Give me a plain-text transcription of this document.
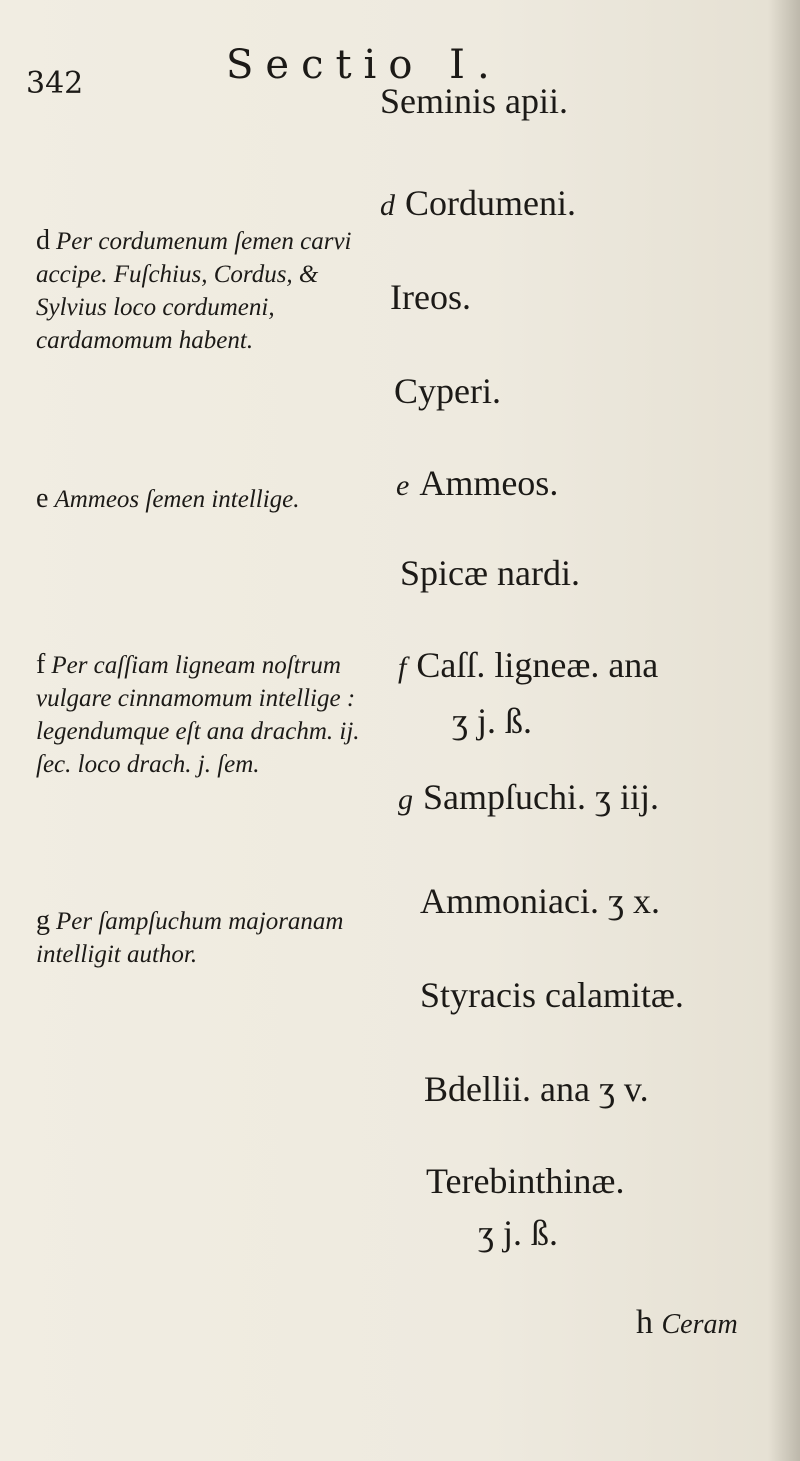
342	Sectio I.
Seminis apii.
d Cordumeni.
Ireos.
Cyperi.
e Ammeos.
Spicæ nardi.
f Caſſ. ligneæ. ana
ʒ j. ß.
g Sampſuchi. ʒ iij.
Ammoniaci. ʒ x.
Styracis calamitæ.
Bdellii. ana ʒ v.
Terebinthinæ.
ʒ j. ß.
h Ceram
d Per cordumenum ſemen carvi accipe. Fuſchius, Cordus, & Sylvius loco cordumeni, cardamomum habent.
e Ammeos ſemen intellige.
f Per caſſiam ligneam noſtrum vulgare cinnamomum intellige : legendumque eſt ana drachm. ij. ſec. loco drach. j. ſem.
g Per ſampſuchum majoranam intelligit author.
